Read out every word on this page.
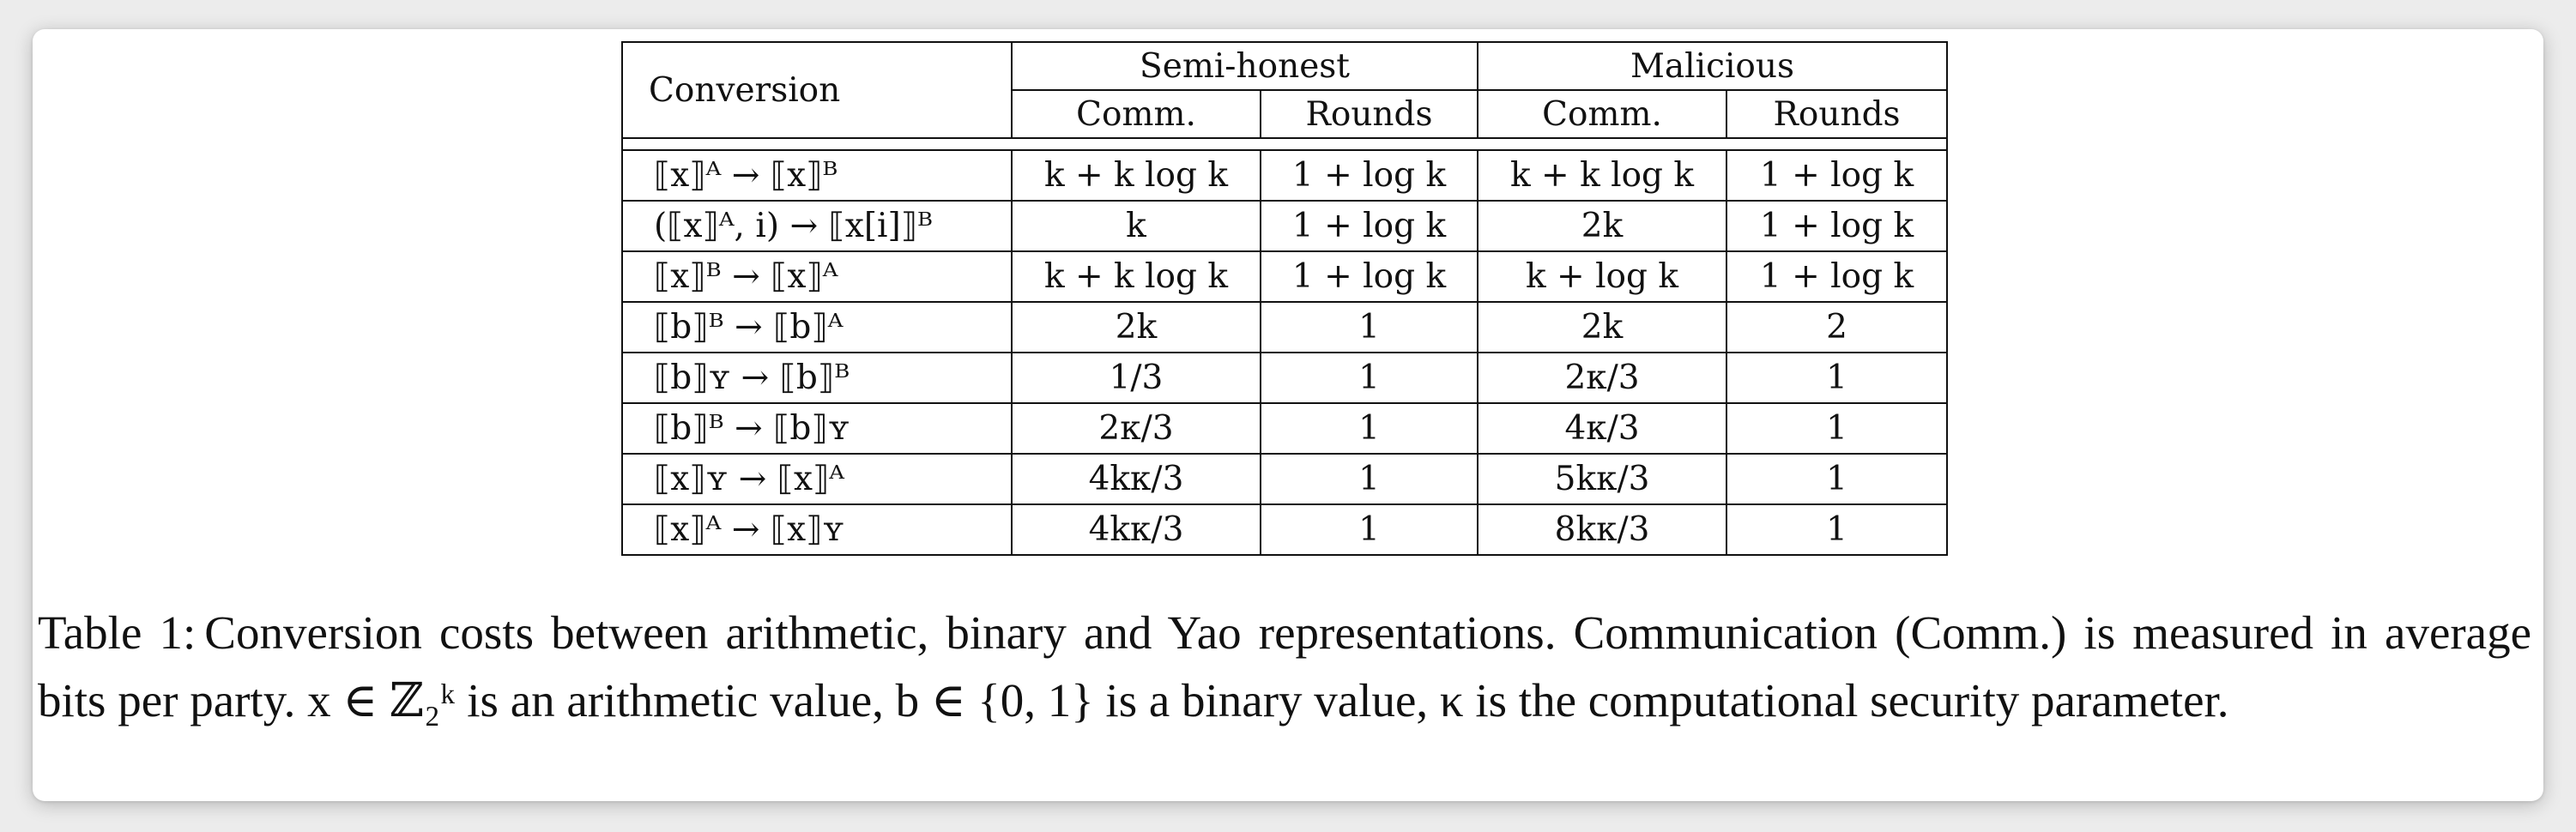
Conversion	Semi-honest		Malicious	
	Comm.	Rounds	Comm.	Rounds

⟦x⟧ᴬ → ⟦x⟧ᴮ	k + k log k	1 + log k	k + k log k	1 + log k
(⟦x⟧ᴬ, i) → ⟦x[i]⟧ᴮ	k	1 + log k	2k	1 + log k
⟦x⟧ᴮ → ⟦x⟧ᴬ	k + k log k	1 + log k	k + log k	1 + log k
⟦b⟧ᴮ → ⟦b⟧ᴬ	2k	1	2k	2
⟦b⟧ʏ → ⟦b⟧ᴮ	1/3	1	2κ/3	1
⟦b⟧ᴮ → ⟦b⟧ʏ	2κ/3	1	4κ/3	1
⟦x⟧ʏ → ⟦x⟧ᴬ	4kκ/3	1	5kκ/3	1
⟦x⟧ᴬ → ⟦x⟧ʏ	4kκ/3	1	8kκ/3	1
Table 1: Conversion costs between arithmetic, binary and Yao representations. Communication (Comm.) is measured in average bits per party. x ∈ ℤ₂ᵏ is an arithmetic value, b ∈ {0, 1} is a binary value, κ is the computational security parameter.
